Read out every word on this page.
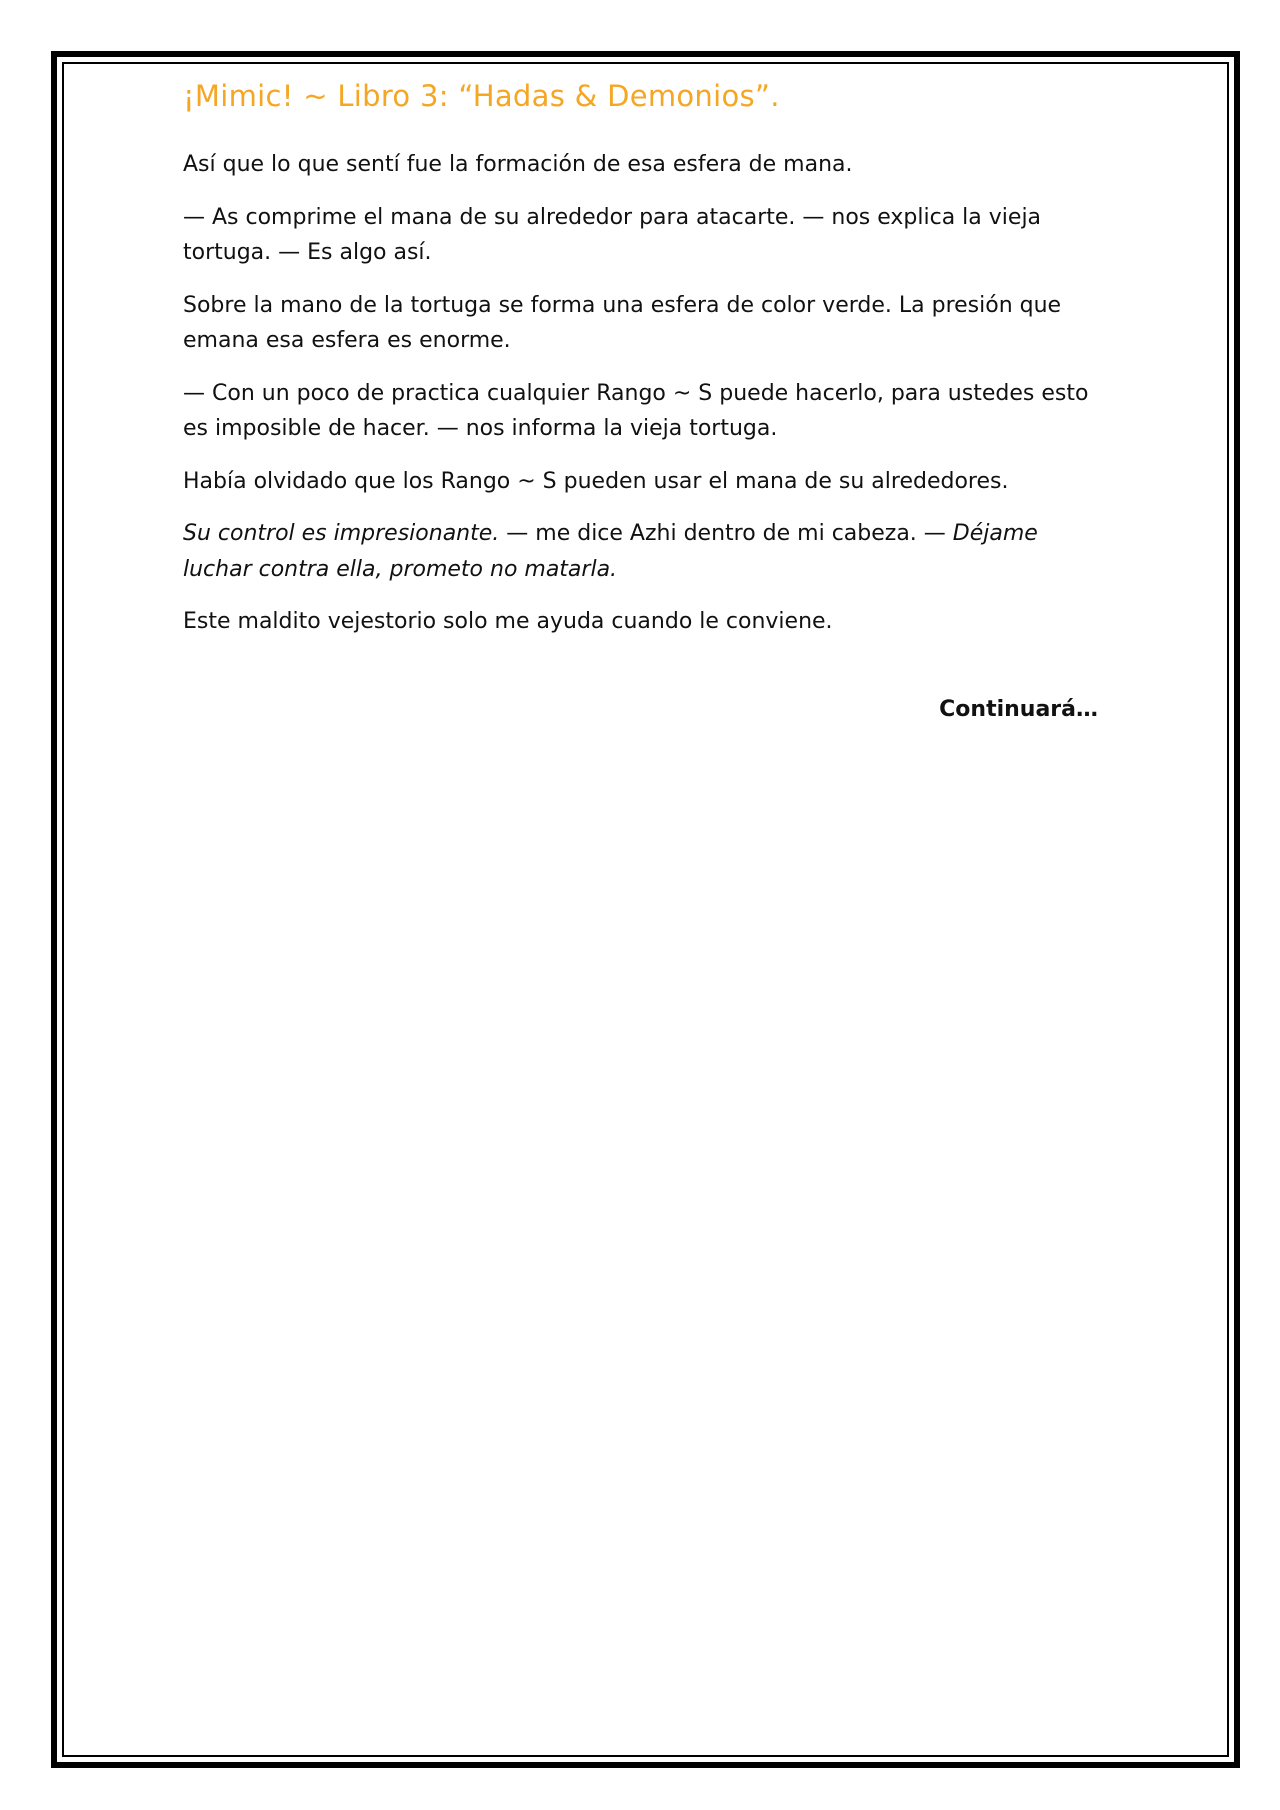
¡Mimic! ~ Libro 3: “Hadas & Demonios”.

Así que lo que sentí fue la formación de esa esfera de mana.

— As comprime el mana de su alrededor para atacarte. — nos explica la vieja tortuga. — Es algo así.

Sobre la mano de la tortuga se forma una esfera de color verde. La presión que emana esa esfera es enorme.

— Con un poco de practica cualquier Rango ~ S puede hacerlo, para ustedes esto es imposible de hacer. — nos informa la vieja tortuga.

Había olvidado que los Rango ~ S pueden usar el mana de su alrededores.

Su control es impresionante. — me dice Azhi dentro de mi cabeza. — Déjame luchar contra ella, prometo no matarla.

Este maldito vejestorio solo me ayuda cuando le conviene.

Continuará…
